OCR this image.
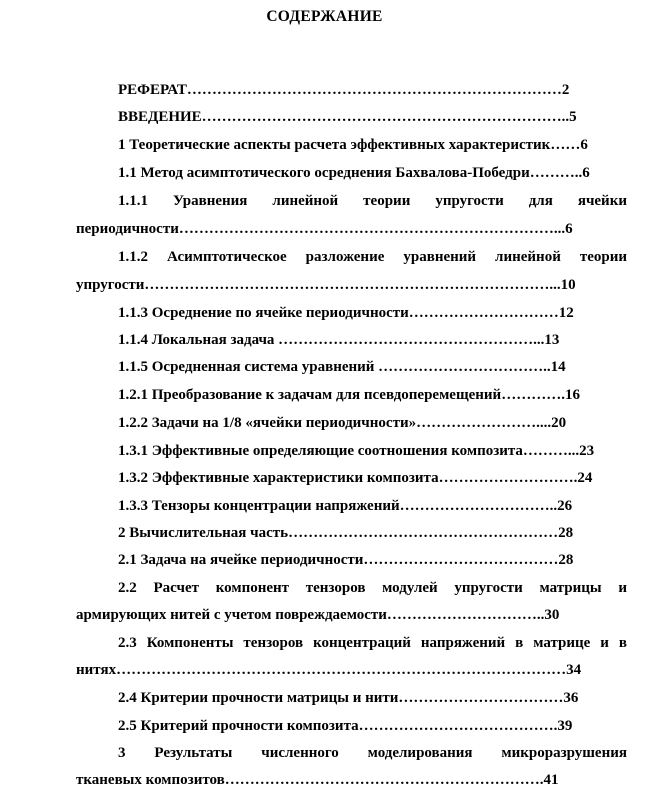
СОДЕРЖАНИЕ
РЕФЕРАТ…………………………………………………………………2
ВВЕДЕНИЕ………………………………………………………………..5
1 Теоретические аспекты расчета эффективных характеристик……6
1.1 Метод асимптотического осреднения Бахвалова-Победри………..6
1.1.1 Уравнения линейной теории упругости для ячейки
периодичности…………………………………………………………………...6
1.1.2 Асимптотическое разложение уравнений линейной теории
упругости………………………………………………………………………...10
1.1.3 Осреднение по ячейке периодичности…………………………12
1.1.4 Локальная задача ……………………………………………...13
1.1.5 Осредненная система уравнений ……………………………..14
1.2.1 Преобразование к задачам для псевдоперемещений………….16
1.2.2 Задачи на 1/8 «ячейки периодичности»……………………....20
1.3.1 Эффективные определяющие соотношения композита………...23
1.3.2 Эффективные характеристики композита……………………….24
1.3.3 Тензоры концентрации напряжений…………………………..26
2 Вычислительная часть………………………………………………28
2.1 Задача на ячейке периодичности…………………………………28
2.2 Расчет компонент тензоров модулей упругости матрицы и
армирующих нитей с учетом повреждаемости…………………………..30
2.3 Компоненты тензоров концентраций напряжений в матрице и в
нитях………………………………………………………………………………34
2.4 Критерии прочности матрицы и нити……………………………36
2.5 Критерий прочности композита………………………………….39
3 Результаты численного моделирования микроразрушения
тканевых композитов……………………………………………………….41
